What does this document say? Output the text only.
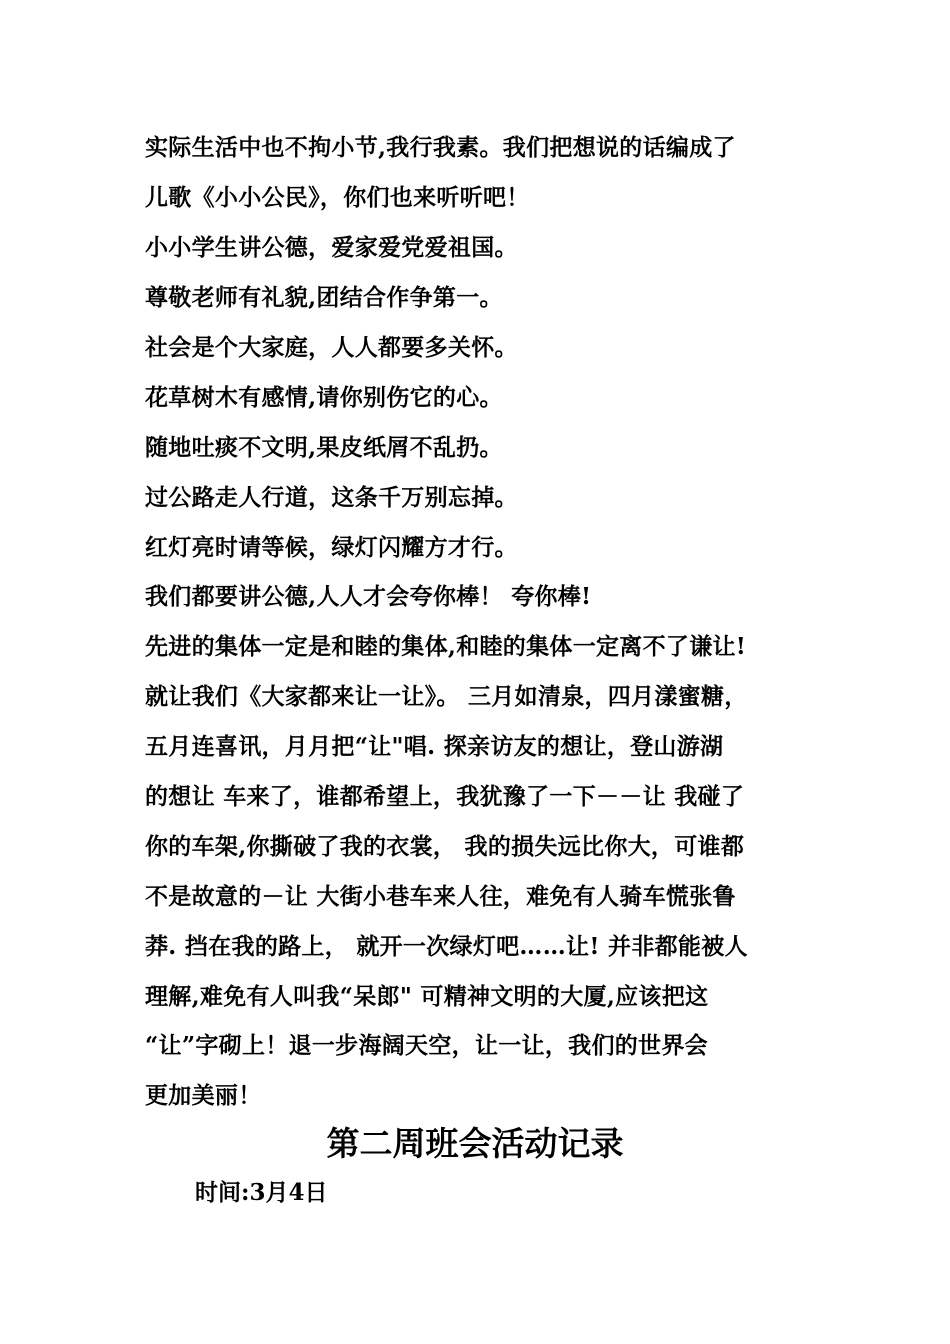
实际生活中也不拘小节,我行我素。我们把想说的话编成了
儿歌《小小公民》，你们也来听听吧！
小小学生讲公德，爱家爱党爱祖国。
尊敬老师有礼貌,团结合作争第一。
社会是个大家庭，人人都要多关怀。
花草树木有感情,请你别伤它的心。
随地吐痰不文明,果皮纸屑不乱扔。
过公路走人行道，这条千万别忘掉。
红灯亮时请等候，绿灯闪耀方才行。
我们都要讲公德,人人才会夸你棒！ 夸你棒!
先进的集体一定是和睦的集体,和睦的集体一定离不了谦让!
就让我们《大家都来让一让》。 三月如清泉，四月漾蜜糖，
五月连喜讯，月月把“让"唱. 探亲访友的想让，登山游湖
的想让 车来了，谁都希望上，我犹豫了一下－－让 我碰了
你的车架,你撕破了我的衣裳， 我的损失远比你大，可谁都
不是故意的－让 大街小巷车来人往，难免有人骑车慌张鲁
莽. 挡在我的路上， 就开一次绿灯吧……让! 并非都能被人
理解,难免有人叫我“呆郎" 可精神文明的大厦,应该把这
“让”字砌上！退一步海阔天空，让一让，我们的世界会
更加美丽！
第二周班会活动记录
时间:3月4日
